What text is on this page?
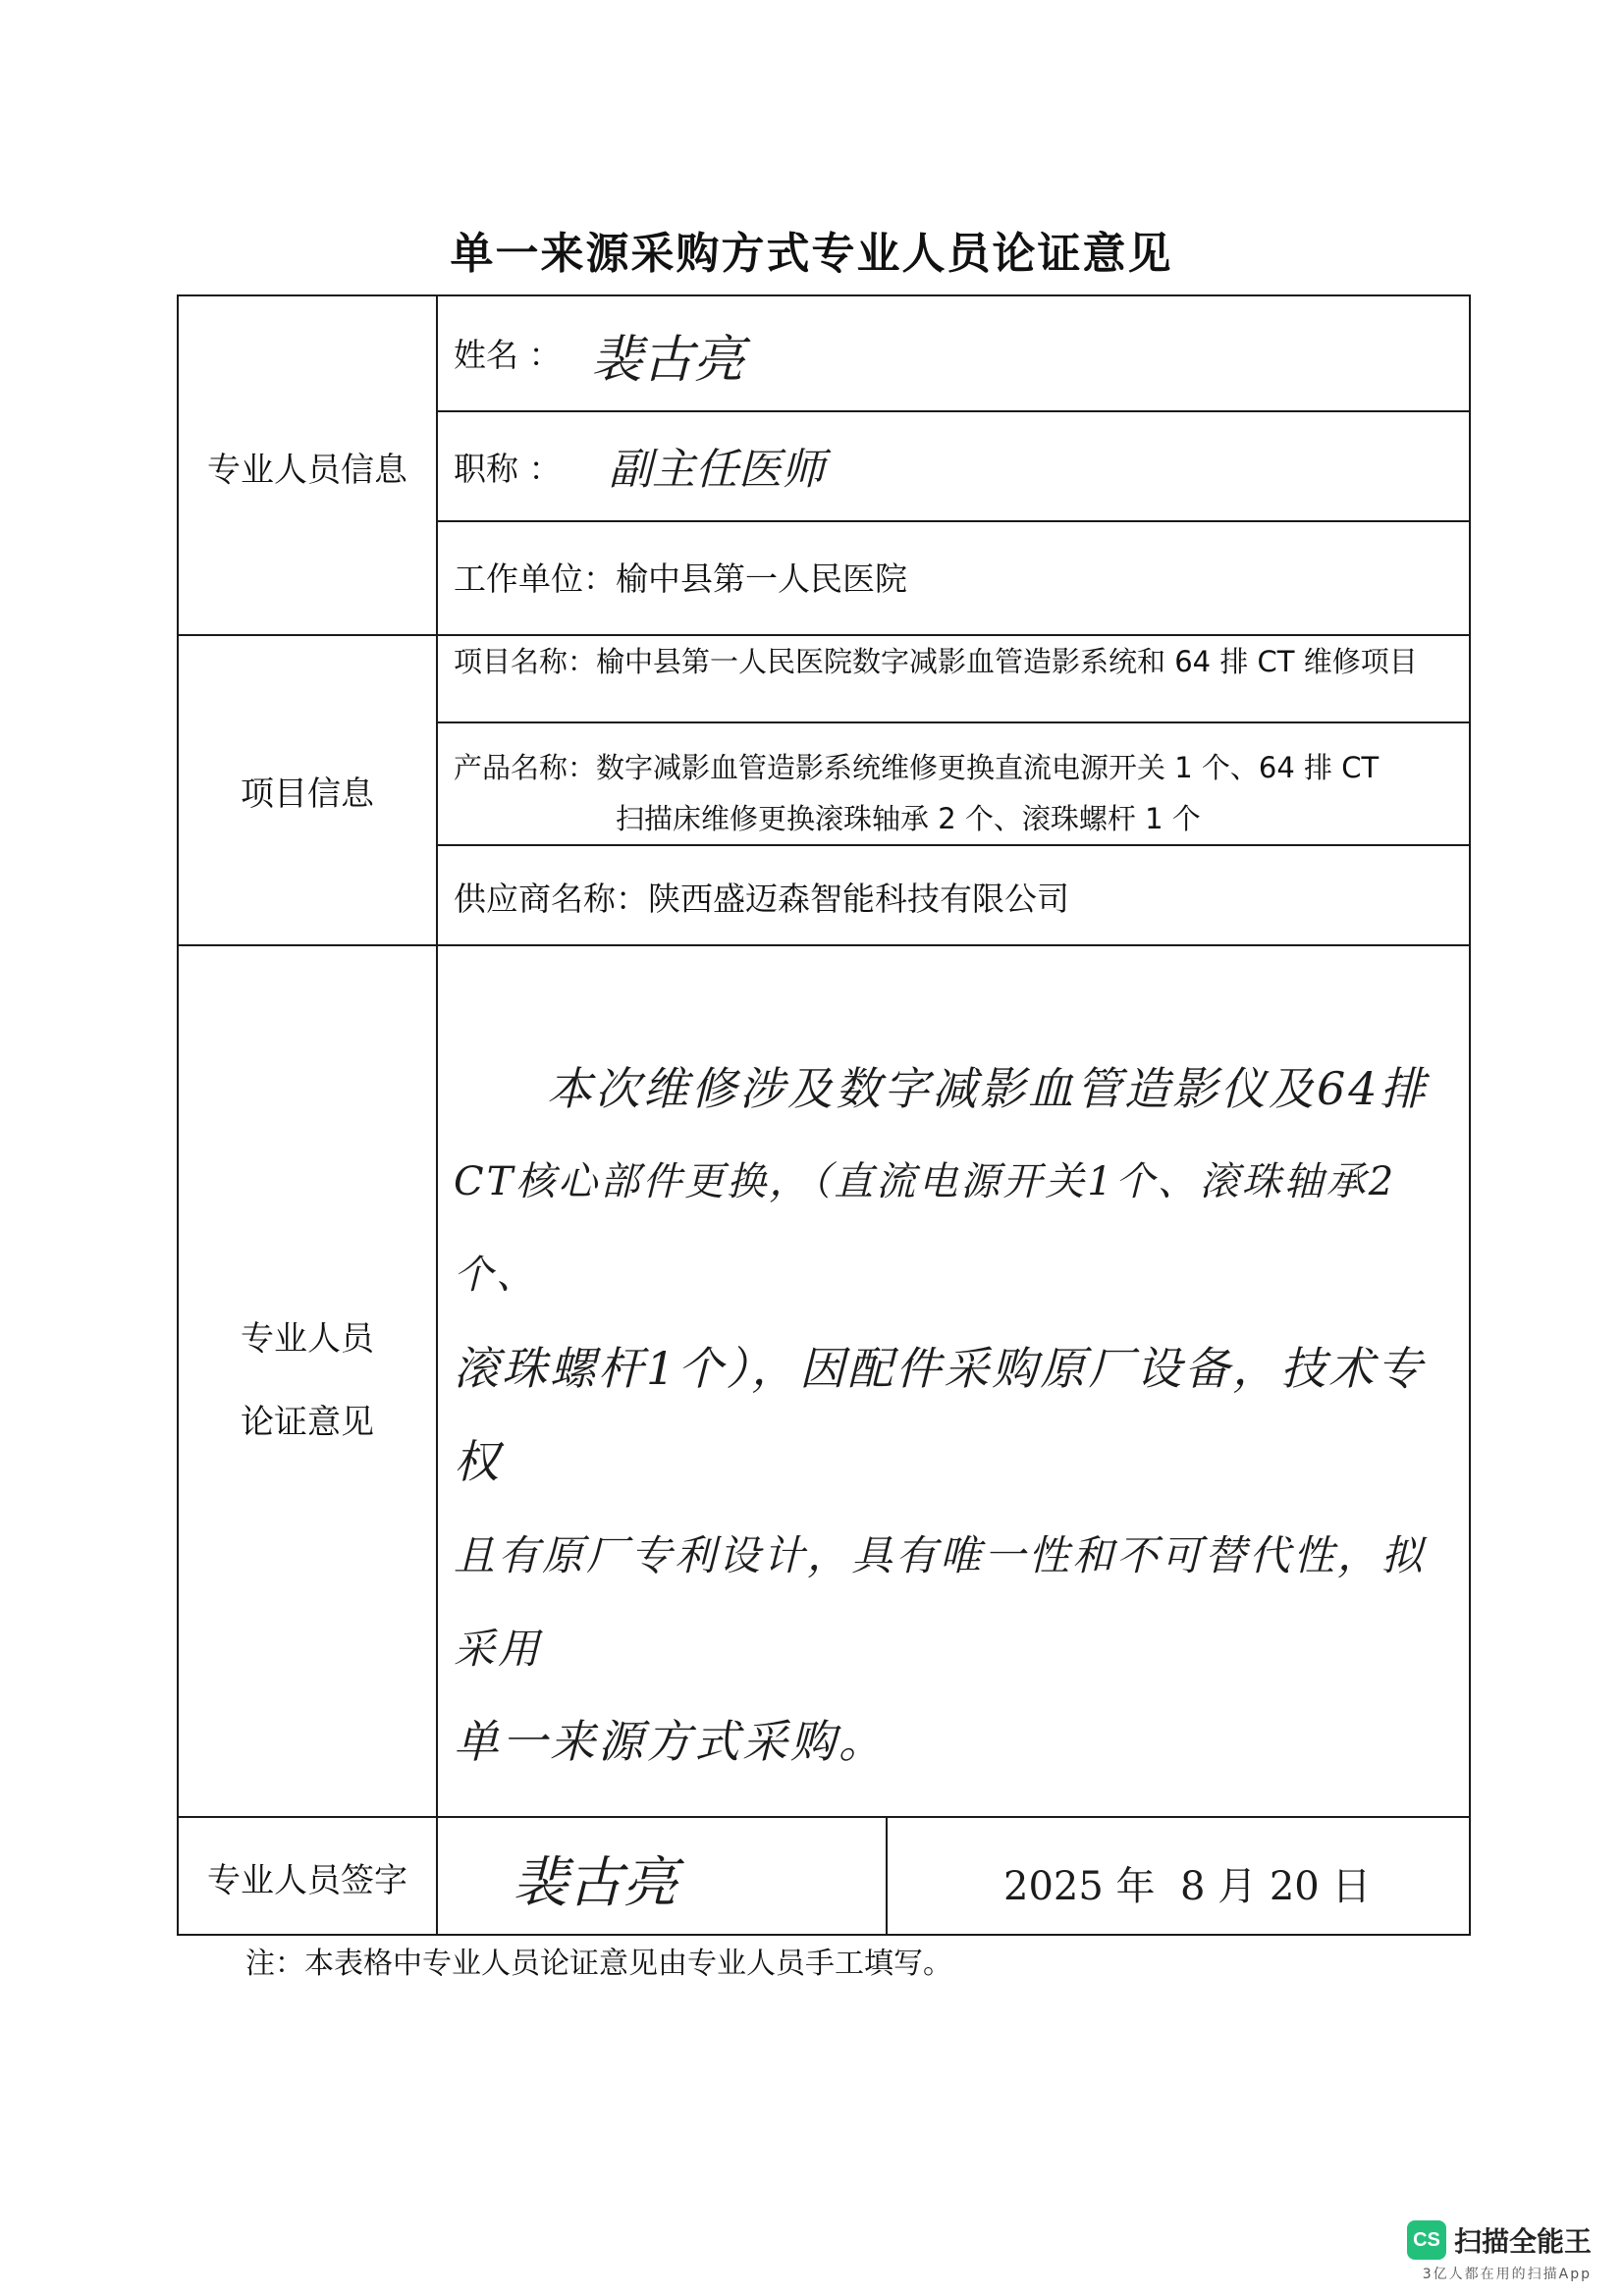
单一来源采购方式专业人员论证意见
专业人员信息
项目信息
专业人员
论证意见
专业人员签字
姓名 ： 裴古亮
职称 ： 副主任医师
工作单位：榆中县第一人民医院
项目名称：榆中县第一人民医院数字减影血管造影系统和 64 排 CT 维修项目
产品名称：数字减影血管造影系统维修更换直流电源开关 1 个、64 排 CT
扫描床维修更换滚珠轴承 2 个、滚珠螺杆 1 个
供应商名称：陕西盛迈森智能科技有限公司
本次维修涉及数字减影血管造影仪及64排
CT核心部件更换，（直流电源开关1个、滚珠轴承2个、
滚珠螺杆1个），因配件采购原厂设备，技术专权
且有原厂专利设计，具有唯一性和不可替代性，拟采用
单一来源方式采购。
裴古亮	2025 年  8 月 20 日
注：本表格中专业人员论证意见由专业人员手工填写。
CS 扫描全能王
3亿人都在用的扫描App
